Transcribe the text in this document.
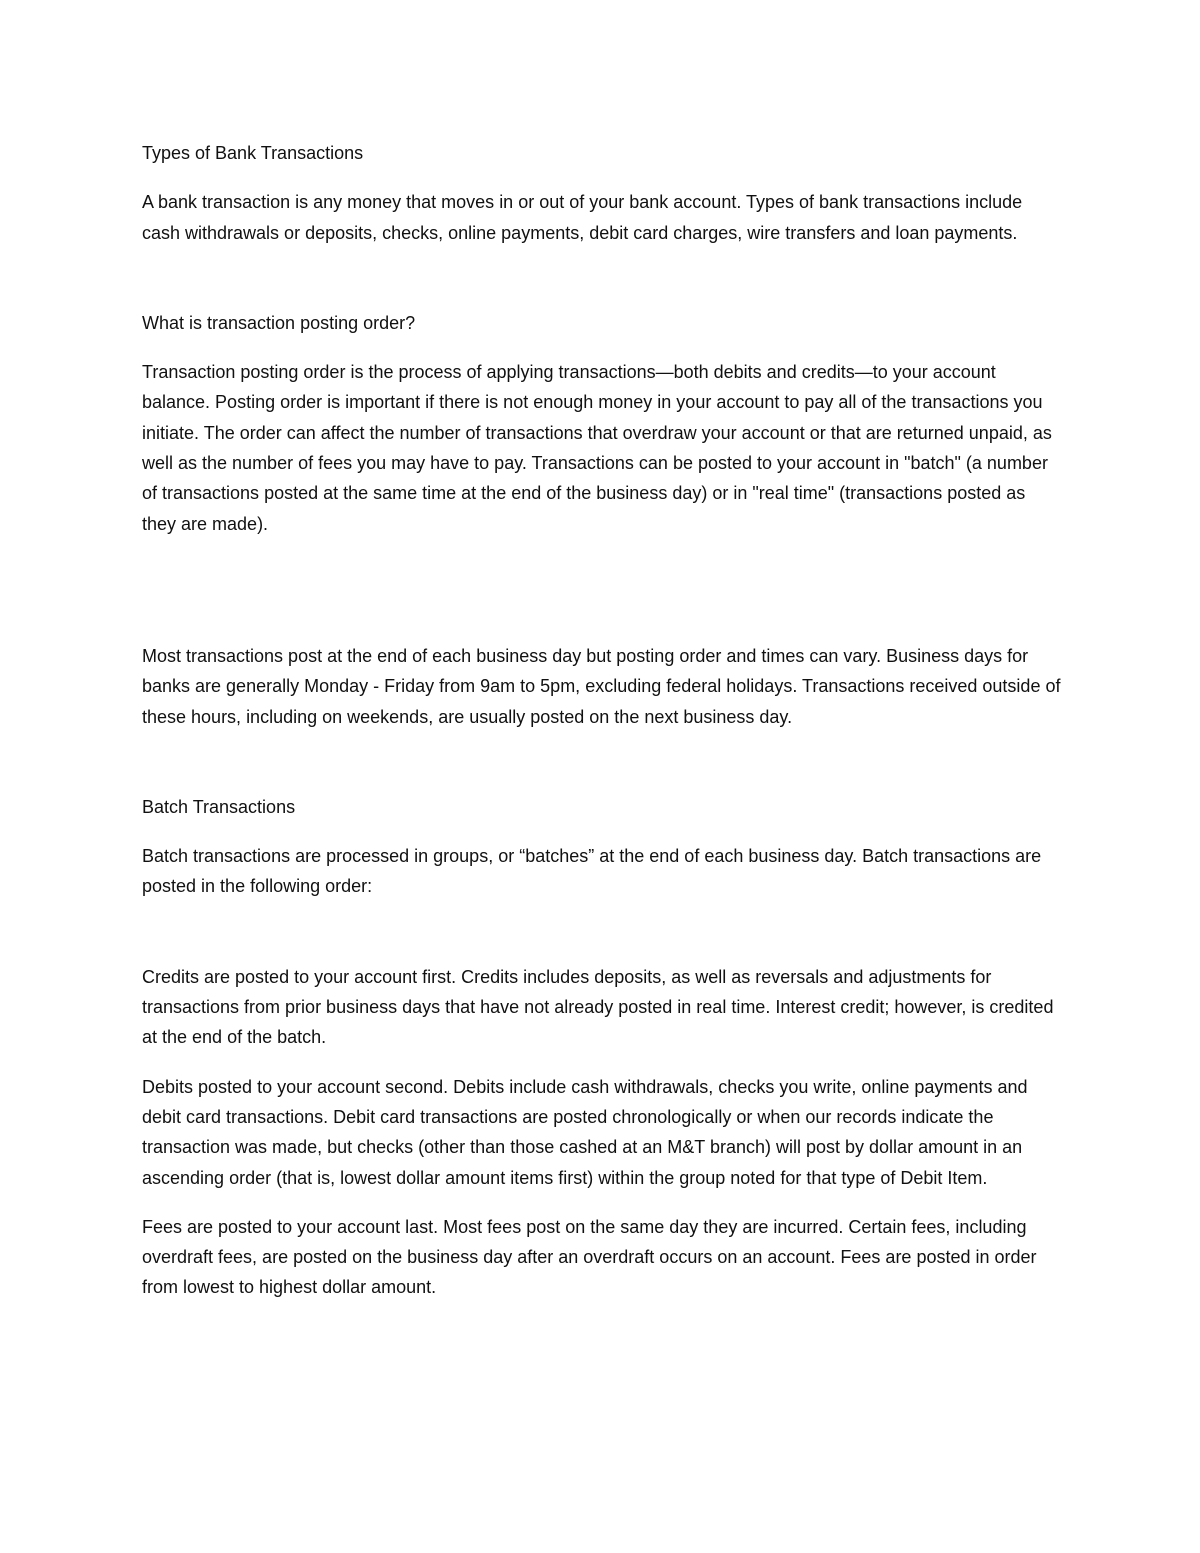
Types of Bank Transactions

A bank transaction is any money that moves in or out of your bank account. Types of bank transactions include cash withdrawals or deposits, checks, online payments, debit card charges, wire transfers and loan payments.

What is transaction posting order?

Transaction posting order is the process of applying transactions—both debits and credits—to your account balance. Posting order is important if there is not enough money in your account to pay all of the transactions you initiate. The order can affect the number of transactions that overdraw your account or that are returned unpaid, as well as the number of fees you may have to pay. Transactions can be posted to your account in "batch" (a number of transactions posted at the same time at the end of the business day) or in "real time" (transactions posted as they are made).

Most transactions post at the end of each business day but posting order and times can vary. Business days for banks are generally Monday - Friday from 9am to 5pm, excluding federal holidays. Transactions received outside of these hours, including on weekends, are usually posted on the next business day.

Batch Transactions

Batch transactions are processed in groups, or “batches” at the end of each business day. Batch transactions are posted in the following order:

Credits are posted to your account first. Credits includes deposits, as well as reversals and adjustments for transactions from prior business days that have not already posted in real time. Interest credit; however, is credited at the end of the batch.

Debits posted to your account second. Debits include cash withdrawals, checks you write, online payments and debit card transactions. Debit card transactions are posted chronologically or when our records indicate the transaction was made, but checks (other than those cashed at an M&T branch) will post by dollar amount in an ascending order (that is, lowest dollar amount items first) within the group noted for that type of Debit Item.

Fees are posted to your account last. Most fees post on the same day they are incurred. Certain fees, including overdraft fees, are posted on the business day after an overdraft occurs on an account. Fees are posted in order from lowest to highest dollar amount.
